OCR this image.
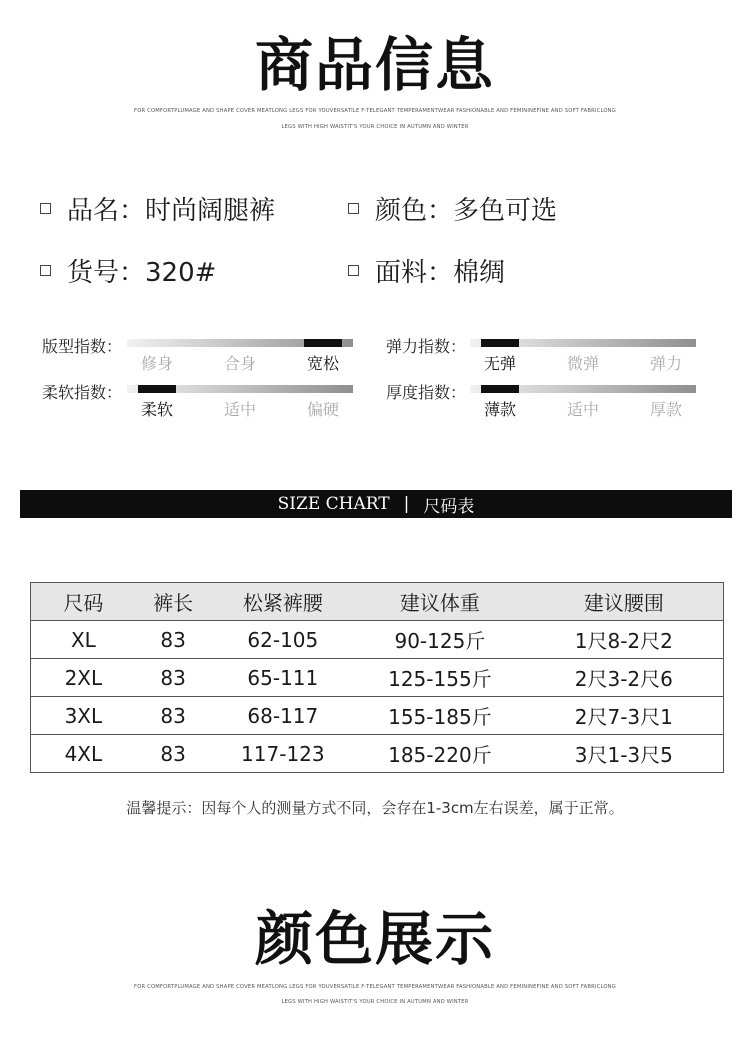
商品信息
FOR COMFORTPLUMAGE AND SHAPE COVER MEATLONG LEGS FOR YOUVERSATILE F-TELEGANT TEMPERAMENTWEAR FASHIONABLE AND FEMININEFINE AND SOFT FABRICLONG
LEGS WITH HIGH WAISTIT'S YOUR CHOICE IN AUTUMN AND WINTER
品名：时尚阔腿裤	颜色：多色可选
货号：320#	面料：棉绸
版型指数：
修身	合身	宽松
弹力指数：
无弹	微弹	弹力
柔软指数：
柔软	适中	偏硬
厚度指数：
薄款	适中	厚款
SIZE CHART | 尺码表
尺码	裤长	松紧裤腰	建议体重	建议腰围
XL	83	62-105	90-125斤	1尺8-2尺2
2XL	83	65-111	125-155斤	2尺3-2尺6
3XL	83	68-117	155-185斤	2尺7-3尺1
4XL	83	117-123	185-220斤	3尺1-3尺5
温馨提示：因每个人的测量方式不同，会存在1-3cm左右误差，属于正常。
颜色展示
FOR COMFORTPLUMAGE AND SHAPE COVER MEATLONG LEGS FOR YOUVERSATILE F-TELEGANT TEMPERAMENTWEAR FASHIONABLE AND FEMININEFINE AND SOFT FABRICLONG
LEGS WITH HIGH WAISTIT'S YOUR CHOICE IN AUTUMN AND WINTER
